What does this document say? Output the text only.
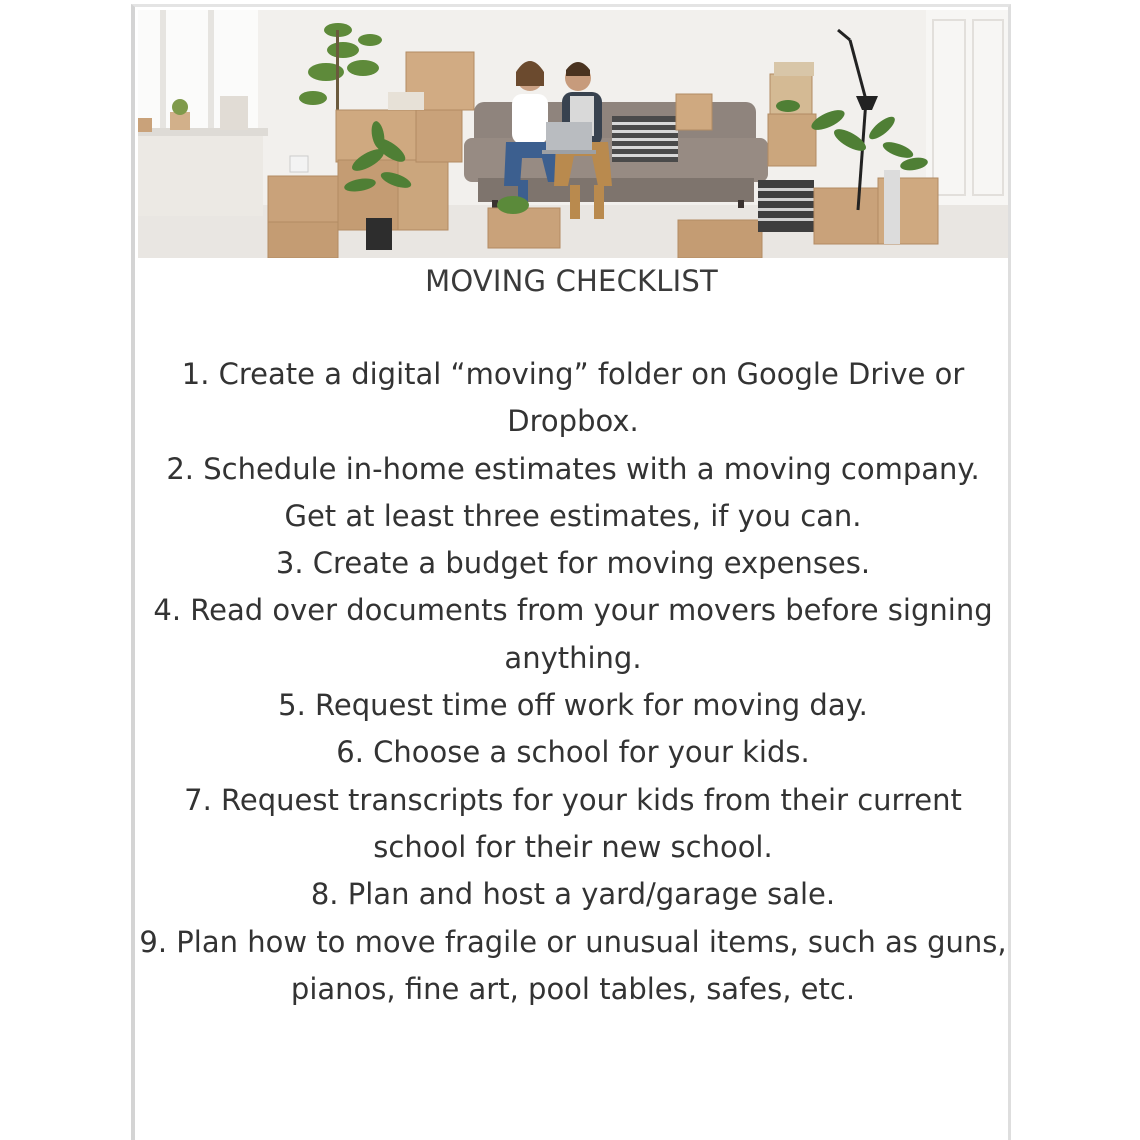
MOVING CHECKLIST
1. Create a digital “moving” folder on Google Drive or Dropbox.
2. Schedule in-home estimates with a moving company. Get at least three estimates, if you can.
3. Create a budget for moving expenses.
4. Read over documents from your movers before signing anything.
5. Request time off work for moving day.
6. Choose a school for your kids.
7. Request transcripts for your kids from their current school for their new school.
8. Plan and host a yard/garage sale.
9. Plan how to move fragile or unusual items, such as guns, pianos, fine art, pool tables, safes, etc.
